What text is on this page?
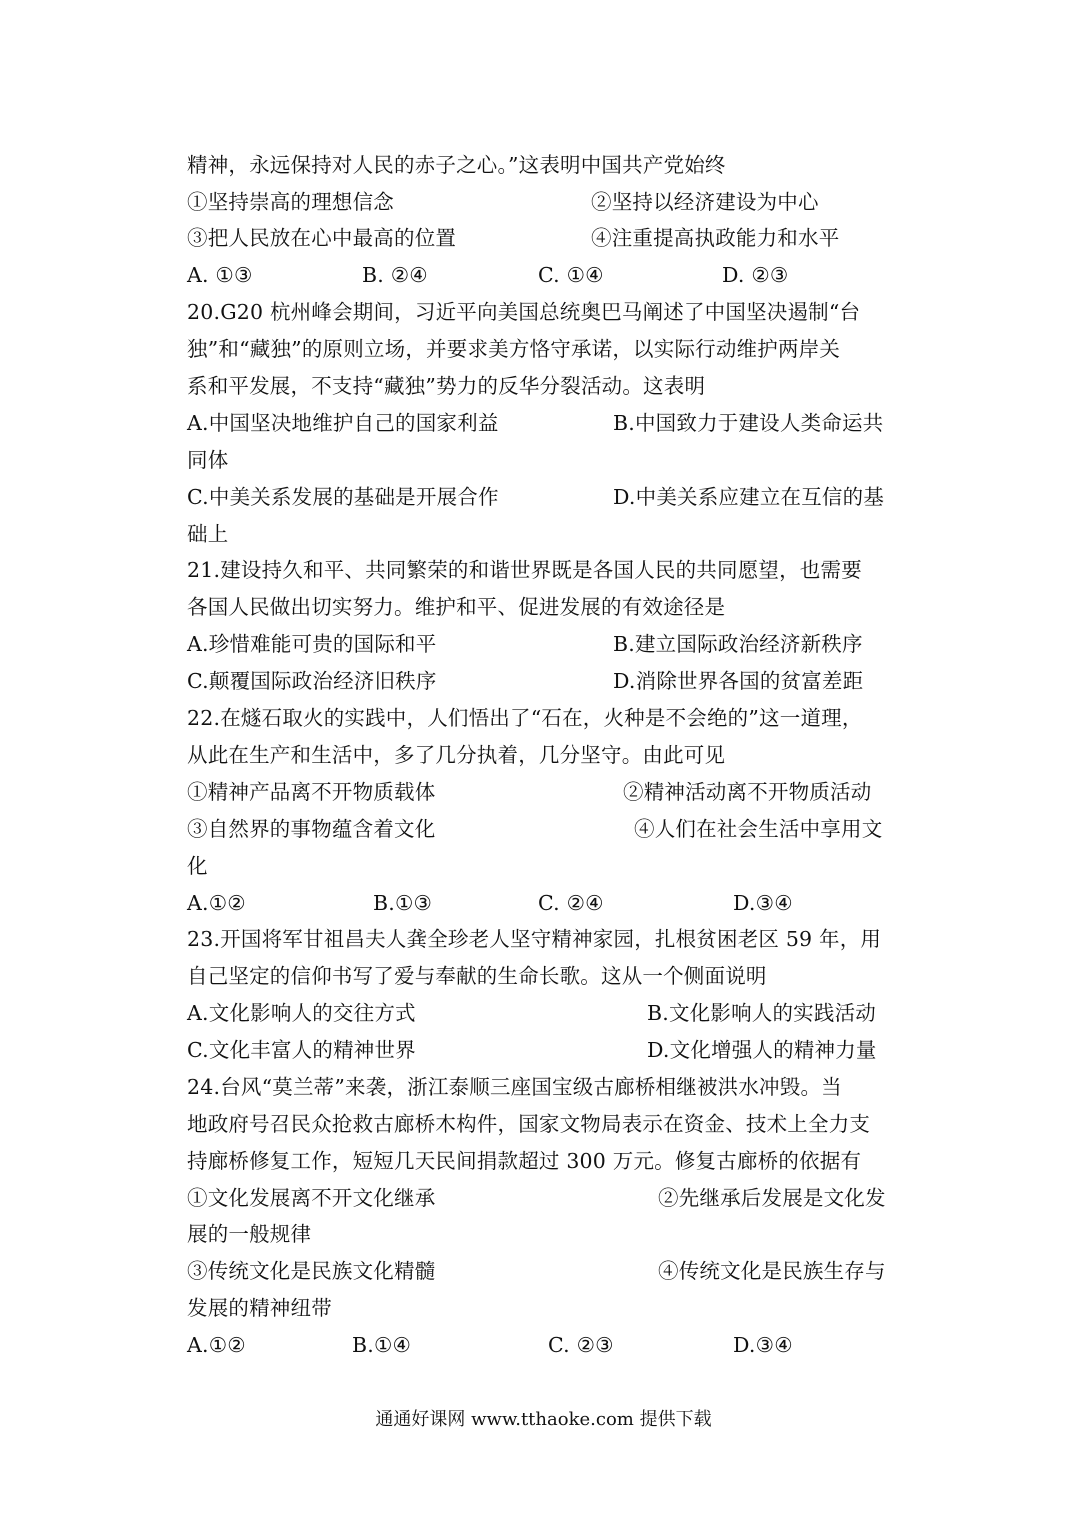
精神，永远保持对人民的赤子之心。”这表明中国共产党始终
①坚持崇高的理想信念	②坚持以经济建设为中心
③把人民放在心中最高的位置	④注重提高执政能力和水平
A. ①③	B. ②④	C. ①④	D. ②③
20.G20 杭州峰会期间，习近平向美国总统奥巴马阐述了中国坚决遏制“台
独”和“藏独”的原则立场，并要求美方恪守承诺，以实际行动维护两岸关
系和平发展，不支持“藏独”势力的反华分裂活动。这表明
A.中国坚决地维护自己的国家利益	B.中国致力于建设人类命运共
同体
C.中美关系发展的基础是开展合作	D.中美关系应建立在互信的基
础上
21.建设持久和平、共同繁荣的和谐世界既是各国人民的共同愿望，也需要
各国人民做出切实努力。维护和平、促进发展的有效途径是
A.珍惜难能可贵的国际和平	B.建立国际政治经济新秩序
C.颠覆国际政治经济旧秩序	D.消除世界各国的贫富差距
22.在燧石取火的实践中，人们悟出了“石在，火种是不会绝的”这一道理，
从此在生产和生活中，多了几分执着，几分坚守。由此可见
①精神产品离不开物质载体	②精神活动离不开物质活动
③自然界的事物蕴含着文化	④人们在社会生活中享用文
化
A.①②	B.①③	C. ②④	D.③④
23.开国将军甘祖昌夫人龚全珍老人坚守精神家园，扎根贫困老区 59 年，用
自己坚定的信仰书写了爱与奉献的生命长歌。这从一个侧面说明
A.文化影响人的交往方式	B.文化影响人的实践活动
C.文化丰富人的精神世界	D.文化增强人的精神力量
24.台风“莫兰蒂”来袭，浙江泰顺三座国宝级古廊桥相继被洪水冲毁。当
地政府号召民众抢救古廊桥木构件，国家文物局表示在资金、技术上全力支
持廊桥修复工作，短短几天民间捐款超过 300 万元。修复古廊桥的依据有
①文化发展离不开文化继承	②先继承后发展是文化发
展的一般规律
③传统文化是民族文化精髓	④传统文化是民族生存与
发展的精神纽带
A.①②	B.①④	C. ②③	D.③④
通通好课网 www.tthaoke.com 提供下载
